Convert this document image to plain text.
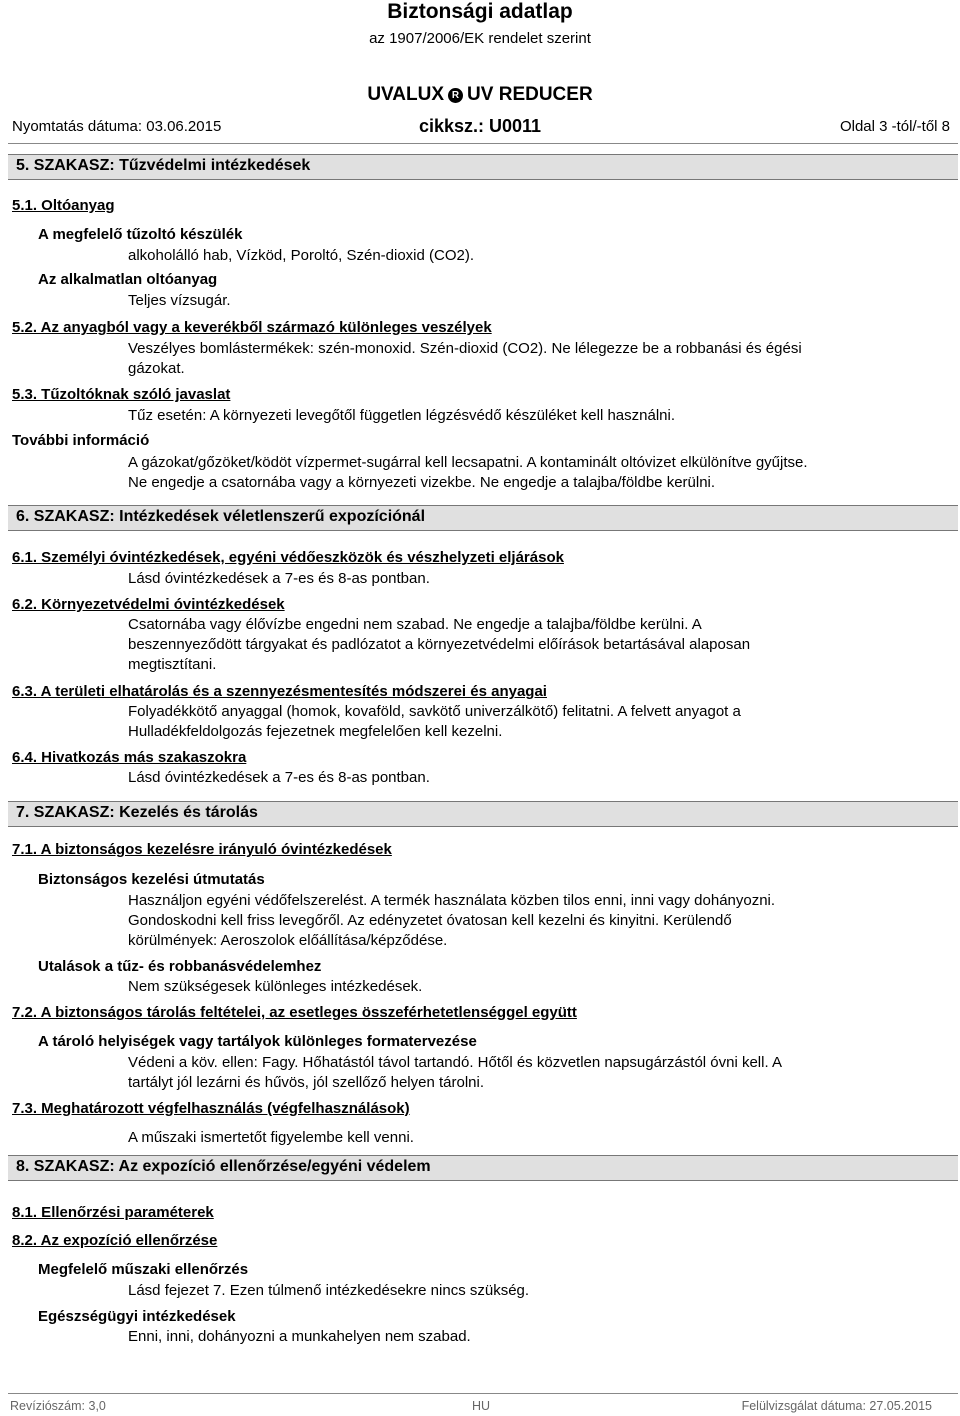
Biztonsági adatlap
az 1907/2006/EK rendelet szerint
UVALUX R UV REDUCER
Nyomtatás dátuma: 03.06.2015	cikksz.: U0011	Oldal 3 -tól/-től 8
5. SZAKASZ: Tűzvédelmi intézkedések
5.1. Oltóanyag
A megfelelő tűzoltó készülék
alkoholálló hab, Vízköd, Poroltó, Szén-dioxid (CO2).
Az alkalmatlan oltóanyag
Teljes vízsugár.
5.2. Az anyagból vagy a keverékből származó különleges veszélyek
Veszélyes bomlástermékek: szén-monoxid. Szén-dioxid (CO2). Ne lélegezze be a robbanási és égési
gázokat.
5.3. Tűzoltóknak szóló javaslat
Tűz esetén: A környezeti levegőtől független légzésvédő készüléket kell használni.
További információ
A gázokat/gőzöket/ködöt vízpermet-sugárral kell lecsapatni. A kontaminált oltóvizet elkülönítve gyűjtse.
Ne engedje a csatornába vagy a környezeti vizekbe. Ne engedje a talajba/földbe kerülni.
6. SZAKASZ: Intézkedések véletlenszerű expozíciónál
6.1. Személyi óvintézkedések, egyéni védőeszközök és vészhelyzeti eljárások
Lásd óvintézkedések a 7-es és 8-as pontban.
6.2. Környezetvédelmi óvintézkedések
Csatornába vagy élővízbe engedni nem szabad. Ne engedje a talajba/földbe kerülni. A
beszennyeződött tárgyakat és padlózatot a környezetvédelmi előírások betartásával alaposan
megtisztítani.
6.3. A területi elhatárolás és a szennyezésmentesítés módszerei és anyagai
Folyadékkötő anyaggal (homok, kovaföld, savkötő univerzálkötő) felitatni. A felvett anyagot a
Hulladékfeldolgozás fejezetnek megfelelően kell kezelni.
6.4. Hivatkozás más szakaszokra
Lásd óvintézkedések a 7-es és 8-as pontban.
7. SZAKASZ: Kezelés és tárolás
7.1. A biztonságos kezelésre irányuló óvintézkedések
Biztonságos kezelési útmutatás
Használjon egyéni védőfelszerelést. A termék használata közben tilos enni, inni vagy dohányozni.
Gondoskodni kell friss levegőről. Az edényzetet óvatosan kell kezelni és kinyitni. Kerülendő
körülmények: Aeroszolok előállítása/képződése.
Utalások a tűz- és robbanásvédelemhez
Nem szükségesek különleges intézkedések.
7.2. A biztonságos tárolás feltételei, az esetleges összeférhetetlenséggel együtt
A tároló helyiségek vagy tartályok különleges formatervezése
Védeni a köv. ellen: Fagy. Hőhatástól távol tartandó. Hőtől és közvetlen napsugárzástól óvni kell. A
tartályt jól lezárni és hűvös, jól szellőző helyen tárolni.
7.3. Meghatározott végfelhasználás (végfelhasználások)
A műszaki ismertetőt figyelembe kell venni.
8. SZAKASZ: Az expozíció ellenőrzése/egyéni védelem
8.1. Ellenőrzési paraméterek
8.2. Az expozíció ellenőrzése
Megfelelő műszaki ellenőrzés
Lásd fejezet 7. Ezen túlmenő intézkedésekre nincs szükség.
Egészségügyi intézkedések
Enni, inni, dohányozni a munkahelyen nem szabad.
Revíziószám: 3,0	HU	Felülvizsgálat dátuma: 27.05.2015
